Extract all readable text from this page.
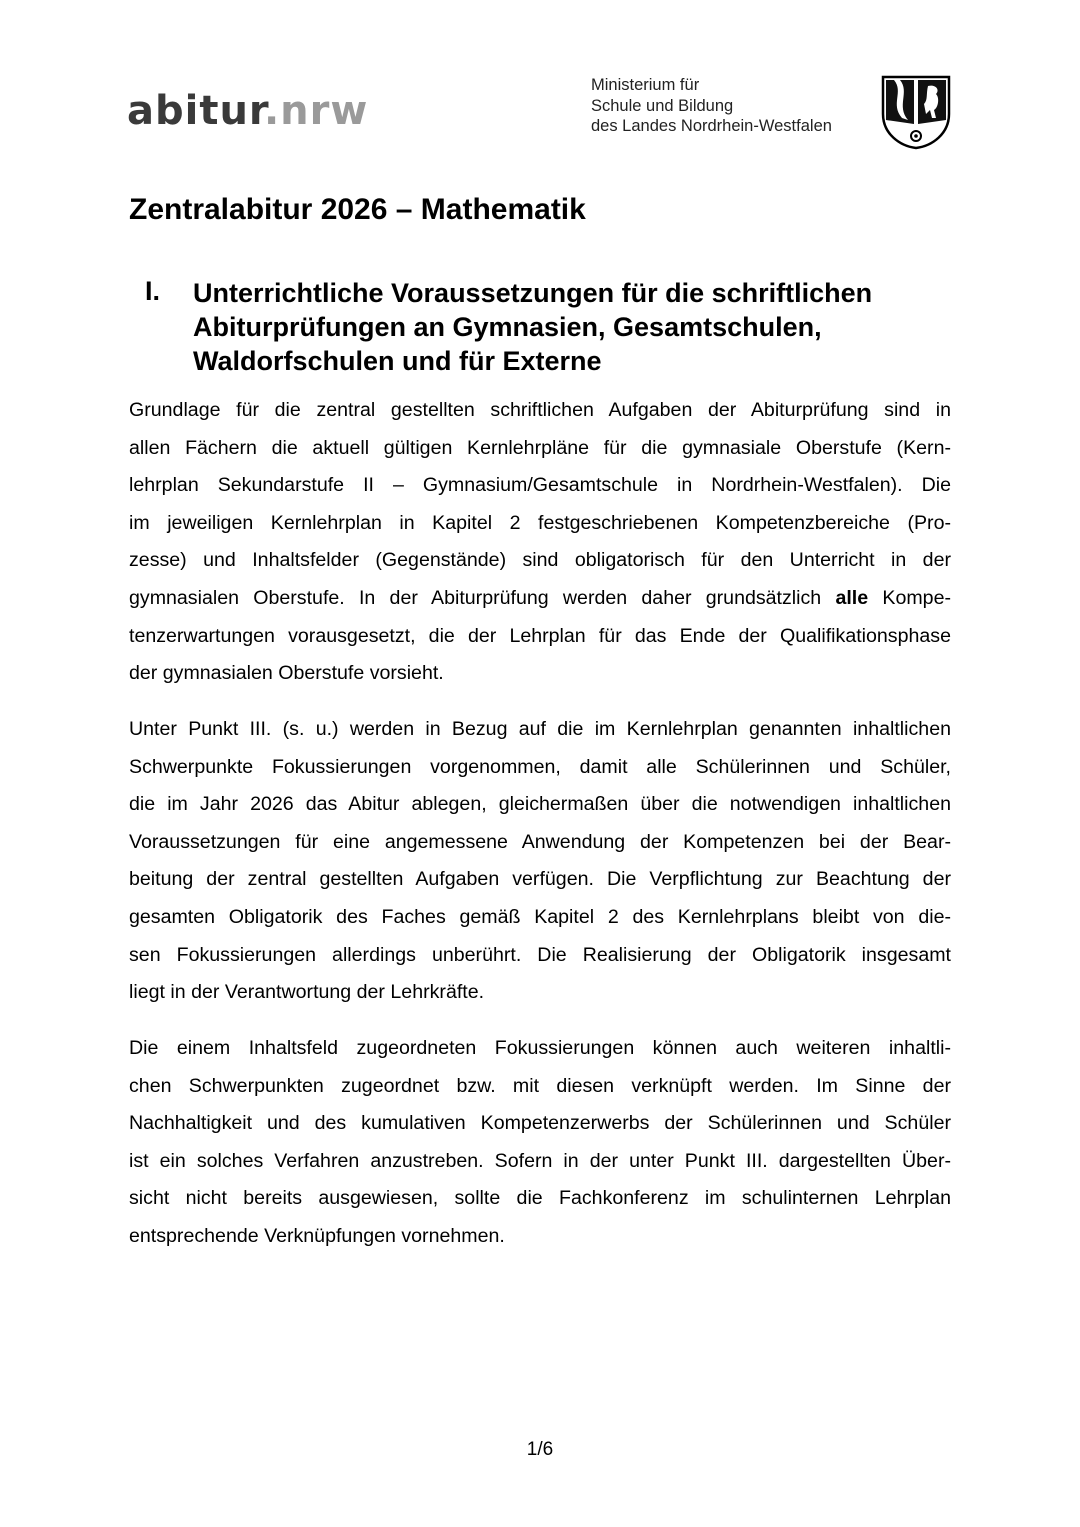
abitur.nrw
Ministerium für
Schule und Bildung
des Landes Nordrhein-Westfalen
Zentralabitur 2026 – Mathematik
I. Unterrichtliche Voraussetzungen für die schriftlichen
Abiturprüfungen an Gymnasien, Gesamtschulen,
Waldorfschulen und für Externe
Grundlage für die zentral gestellten schriftlichen Aufgaben der Abiturprüfung sind in
allen Fächern die aktuell gültigen Kernlehrpläne für die gymnasiale Oberstufe (Kern-
lehrplan Sekundarstufe II – Gymnasium/Gesamtschule in Nordrhein-Westfalen). Die
im jeweiligen Kernlehrplan in Kapitel 2 festgeschriebenen Kompetenzbereiche (Pro-
zesse) und Inhaltsfelder (Gegenstände) sind obligatorisch für den Unterricht in der
gymnasialen Oberstufe. In der Abiturprüfung werden daher grundsätzlich alle Kompe-
tenzerwartungen vorausgesetzt, die der Lehrplan für das Ende der Qualifikationsphase
der gymnasialen Oberstufe vorsieht.
Unter Punkt III. (s. u.) werden in Bezug auf die im Kernlehrplan genannten inhaltlichen
Schwerpunkte Fokussierungen vorgenommen, damit alle Schülerinnen und Schüler,
die im Jahr 2026 das Abitur ablegen, gleichermaßen über die notwendigen inhaltlichen
Voraussetzungen für eine angemessene Anwendung der Kompetenzen bei der Bear-
beitung der zentral gestellten Aufgaben verfügen. Die Verpflichtung zur Beachtung der
gesamten Obligatorik des Faches gemäß Kapitel 2 des Kernlehrplans bleibt von die-
sen Fokussierungen allerdings unberührt. Die Realisierung der Obligatorik insgesamt
liegt in der Verantwortung der Lehrkräfte.
Die einem Inhaltsfeld zugeordneten Fokussierungen können auch weiteren inhaltli-
chen Schwerpunkten zugeordnet bzw. mit diesen verknüpft werden. Im Sinne der
Nachhaltigkeit und des kumulativen Kompetenzerwerbs der Schülerinnen und Schüler
ist ein solches Verfahren anzustreben. Sofern in der unter Punkt III. dargestellten Über-
sicht nicht bereits ausgewiesen, sollte die Fachkonferenz im schulinternen Lehrplan
entsprechende Verknüpfungen vornehmen.
1/6
